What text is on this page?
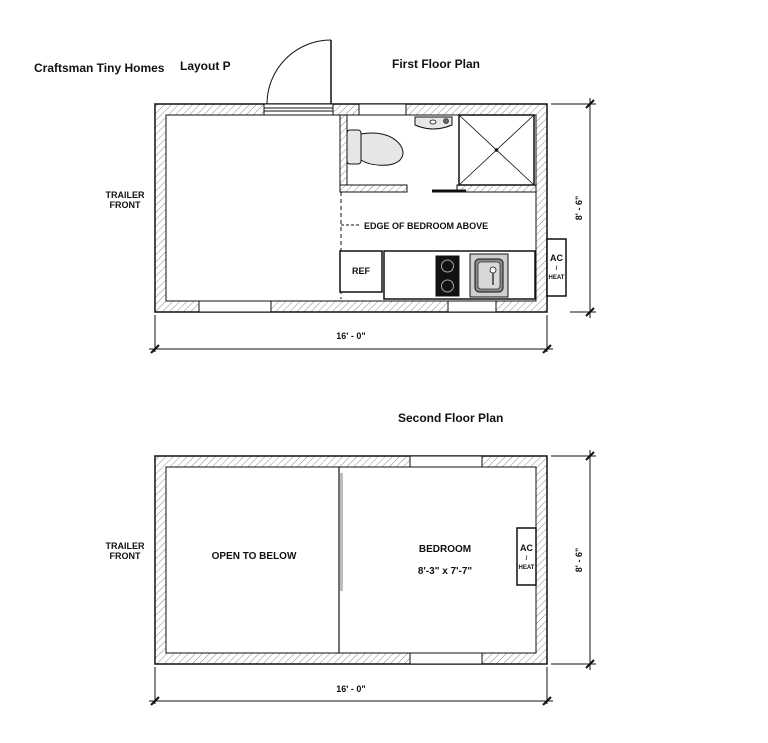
Craftsman Tiny Homes Layout P	First Floor Plan
EDGE OF BEDROOM ABOVE
REF
AC
/
HEAT
TRAILER
FRONT
16' - 0"
8' - 6"
Second Floor Plan
OPEN TO BELOW
BEDROOM
8'-3" x 7'-7"
AC
/
HEAT
TRAILER
FRONT
16' - 0"
8' - 6"
